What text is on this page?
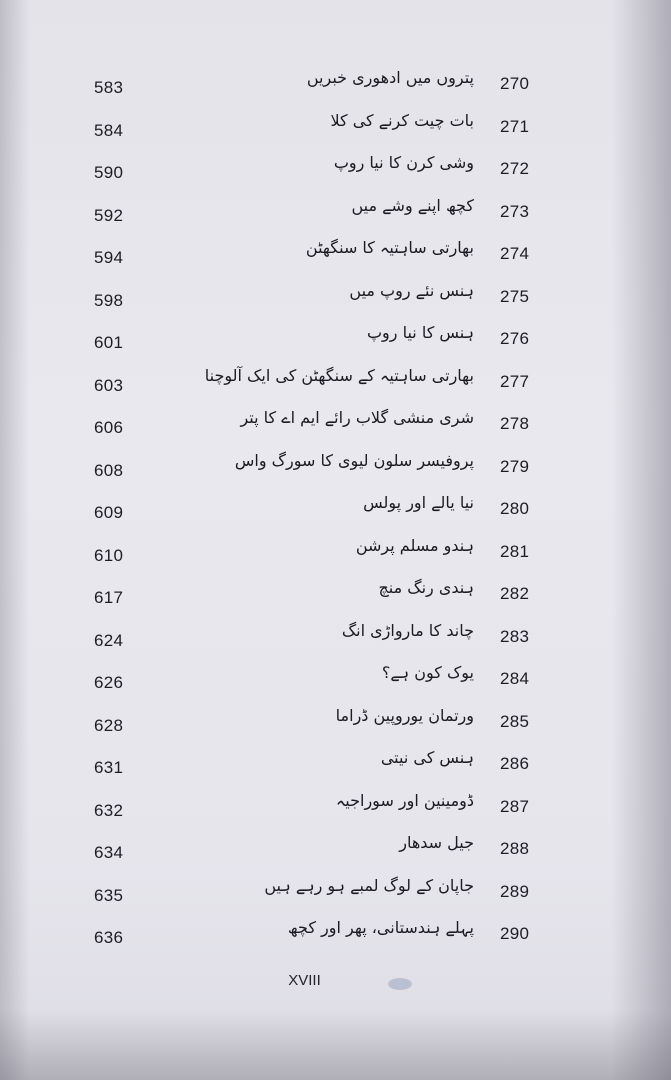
583
پتروں میں ادھوری خبریں 270
584
بات چیت کرنے کی کلا 271
590
وشی کرن کا نیا روپ 272
592
کچھ اپنے وشے میں 273
594
بھارتی ساہتیہ کا سنگھٹن 274
598
ہنس نئے روپ میں 275
601
ہنس کا نیا روپ 276
603
بھارتی ساہتیہ کے سنگھٹن کی ایک آلوچنا 277
606
شری منشی گلاب رائے ایم اے کا پتر 278
608
پروفیسر سلون لیوی کا سورگ واس 279
609
نیا یالے اور پولس 280
610
ہندو مسلم پرشن 281
617
ہندی رنگ منچ 282
624
چاند کا مارواڑی انگ 283
626
یوک کون ہے؟ 284
628
ورتمان یوروپین ڈراما 285
631
ہنس کی نیتی 286
632
ڈومینین اور سوراجیہ 287
634
جیل سدھار 288
635
جاپان کے لوگ لمبے ہو رہے ہیں 289
636
پہلے ہندستانی، پھر اور کچھ 290
XVIII
